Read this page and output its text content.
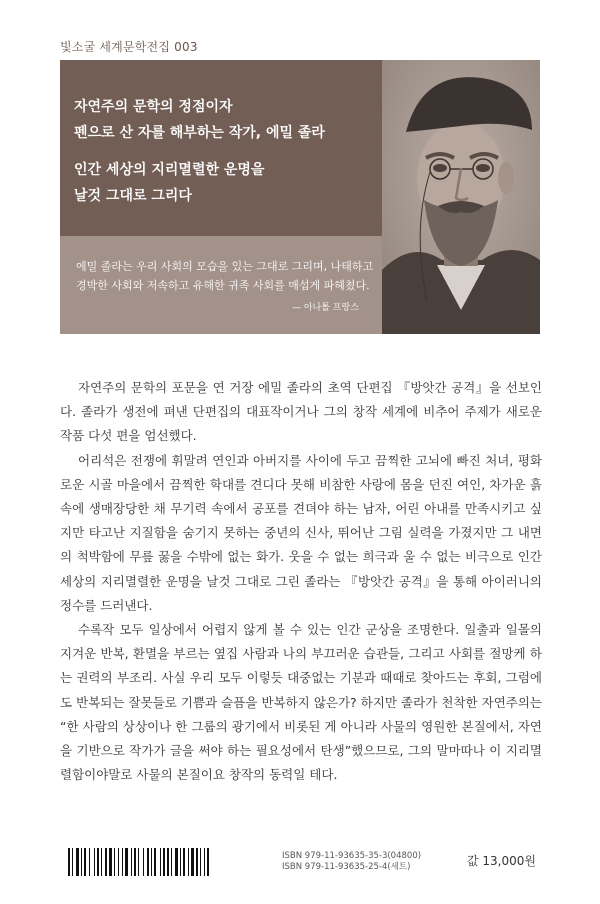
빛소굴 세계문학전집 003
자연주의 문학의 정점이자
펜으로 산 자를 해부하는 작가, 에밀 졸라
인간 세상의 지리멸렬한 운명을
날것 그대로 그리다
에밀 졸라는 우리 사회의 모습을 있는 그대로 그리며, 나태하고 경박한 사회와 저속하고 유해한 귀족 사회를 매섭게 파헤쳤다.
— 아나톨 프랑스

자연주의 문학의 포문을 연 거장 에밀 졸라의 초역 단편집 『방앗간 공격』을 선보인다. 졸라가 생전에 펴낸 단편집의 대표작이거나 그의 창작 세계에 비추어 주제가 새로운 작품 다섯 편을 엄선했다.

어리석은 전쟁에 휘말려 연인과 아버지를 사이에 두고 끔찍한 고뇌에 빠진 처녀, 평화로운 시골 마을에서 끔찍한 학대를 견디다 못해 비참한 사랑에 몸을 던진 여인, 차가운 흙 속에 생매장당한 채 무기력 속에서 공포를 견뎌야 하는 남자, 어린 아내를 만족시키고 싶지만 타고난 지질함을 숨기지 못하는 중년의 신사, 뛰어난 그림 실력을 가졌지만 그 내면의 척박함에 무릎 꿇을 수밖에 없는 화가. 웃을 수 없는 희극과 울 수 없는 비극으로 인간 세상의 지리멸렬한 운명을 날것 그대로 그린 졸라는 『방앗간 공격』을 통해 아이러니의 정수를 드러낸다.

수록작 모두 일상에서 어렵지 않게 볼 수 있는 인간 군상을 조명한다. 일출과 일몰의 지겨운 반복, 환멸을 부르는 옆집 사람과 나의 부끄러운 습관들, 그리고 사회를 절망케 하는 권력의 부조리. 사실 우리 모두 이렇듯 대중없는 기분과 때때로 찾아드는 후회, 그럼에도 반복되는 잘못들로 기쁨과 슬픔을 반복하지 않은가? 하지만 졸라가 천착한 자연주의는 “한 사람의 상상이나 한 그룹의 광기에서 비롯된 게 아니라 사물의 영원한 본질에서, 자연을 기반으로 작가가 글을 써야 하는 필요성에서 탄생”했으므로, 그의 말마따나 이 지리멸렬함이야말로 사물의 본질이요 창작의 동력일 테다.

ISBN 979-11-93635-35-3(04800)
ISBN 979-11-93635-25-4(세트)	값 13,000원
